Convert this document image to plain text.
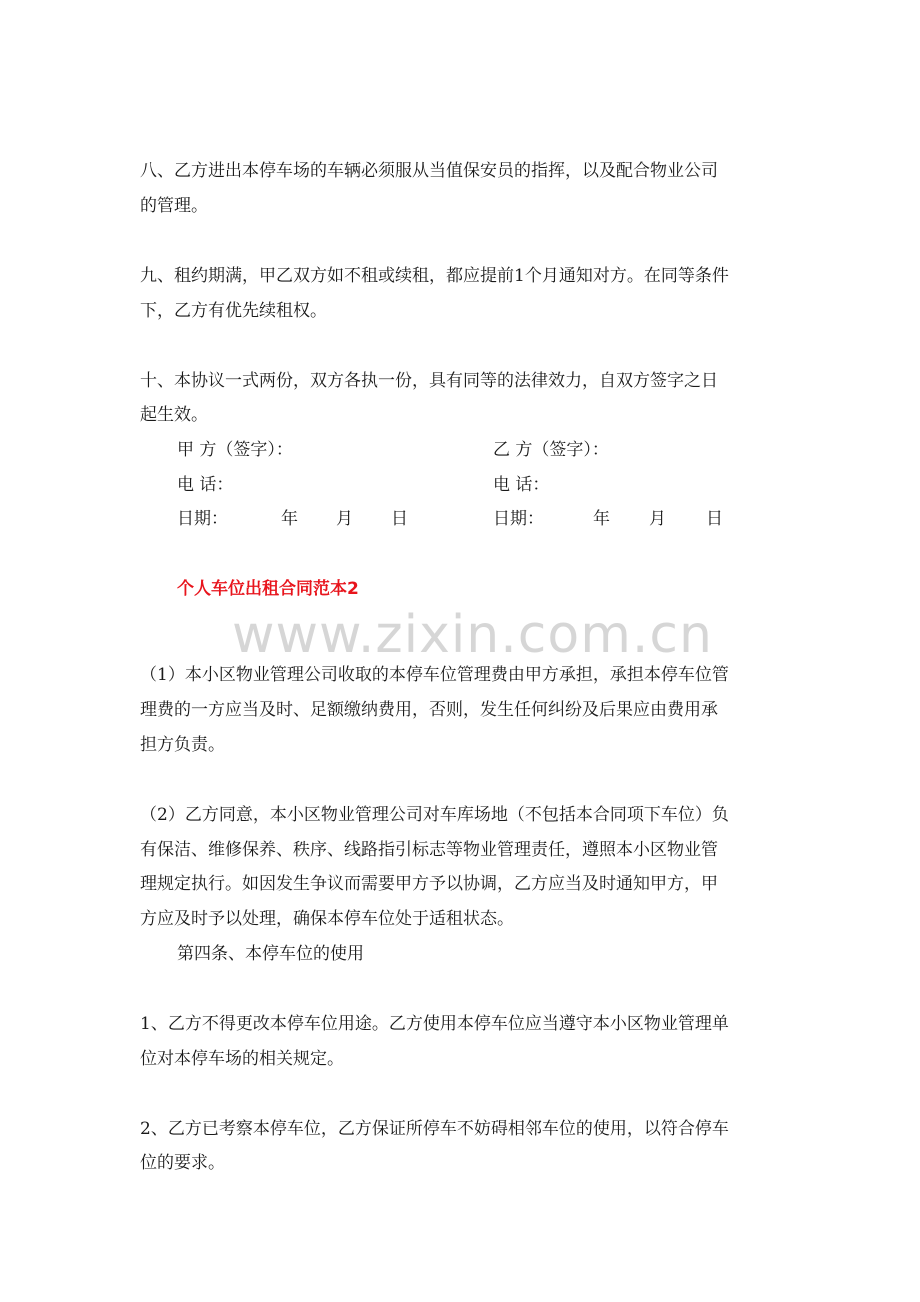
八、乙方进出本停车场的车辆必须服从当值保安员的指挥，以及配合物业公司
的管理。
九、租约期满，甲乙双方如不租或续租，都应提前1个月通知对方。在同等条件
下，乙方有优先续租权。
十、本协议一式两份，双方各执一份，具有同等的法律效力，自双方签字之日
起生效。
甲 方（签字）：	乙 方（签字）：
电 话：	电 话：
日期：	年 月 日	日期：	年 月 日
个人车位出租合同范本2
www.zixin.com.cn
（1）本小区物业管理公司收取的本停车位管理费由甲方承担，承担本停车位管
理费的一方应当及时、足额缴纳费用，否则，发生任何纠纷及后果应由费用承
担方负责。
（2）乙方同意，本小区物业管理公司对车库场地（不包括本合同项下车位）负
有保洁、维修保养、秩序、线路指引标志等物业管理责任，遵照本小区物业管
理规定执行。如因发生争议而需要甲方予以协调，乙方应当及时通知甲方，甲
方应及时予以处理，确保本停车位处于适租状态。
第四条、本停车位的使用
1、乙方不得更改本停车位用途。乙方使用本停车位应当遵守本小区物业管理单
位对本停车场的相关规定。
2、乙方已考察本停车位，乙方保证所停车不妨碍相邻车位的使用，以符合停车
位的要求。
